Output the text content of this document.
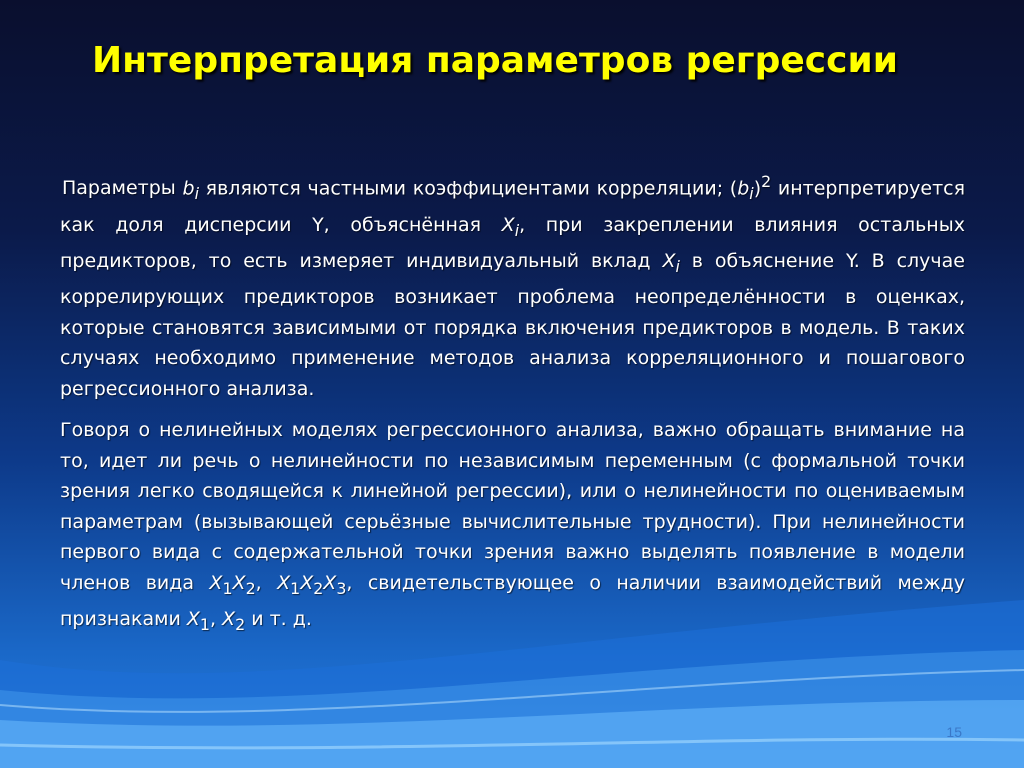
Интерпретация параметров регрессии
Параметры $b_i$ являются частными коэффициентами корреляции; $(b_i)^2$ интерпретируется как доля дисперсии Y, объяснённая $X_i$, при закреплении влияния остальных предикторов, то есть измеряет индивидуальный вклад $X_i$ в объяснение Y. В случае коррелирующих предикторов возникает проблема неопределённости в оценках, которые становятся зависимыми от порядка включения предикторов в модель. В таких случаях необходимо применение методов анализа корреляционного и пошагового регрессионного анализа.
Говоря о нелинейных моделях регрессионного анализа, важно обращать внимание на то, идет ли речь о нелинейности по независимым переменным (с формальной точки зрения легко сводящейся к линейной регрессии), или о нелинейности по оцениваемым параметрам (вызывающей серьёзные вычислительные трудности). При нелинейности первого вида с содержательной точки зрения важно выделять появление в модели членов вида $X_1X_2$, $X_1X_2X_3$, свидетельствующее о наличии взаимодействий между признаками $X_1$, $X_2$ и т. д.
15
